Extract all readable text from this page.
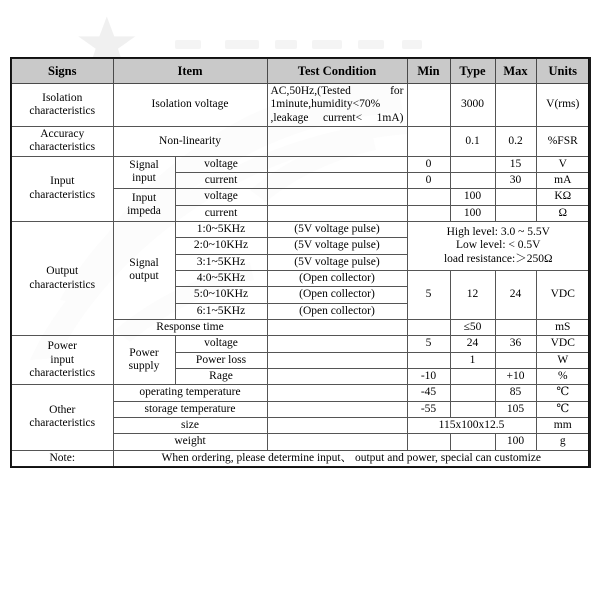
Signs	Item		Test Condition	Min	Type	Max	Units
Isolation
characteristics	Isolation voltage		AC,50Hz,(Tested for
1minute,humidity<70%
,leakage current< 1mA)		3000		V(rms)
Accuracy
characteristics	Non-linearity				0.1	0.2	%FSR
Input
characteristics	Signal
input	voltage		0		15	V
		current		0		30	mA
	Input
impeda	voltage			100		KΩ
		current			100		Ω
Output
characteristics	Signal
output	1:0~5KHz	(5V voltage pulse)	High level: 3.0 ~ 5.5V
Low level: < 0.5V
load resistance:＞250Ω			
		2:0~10KHz	(5V voltage pulse)				
		3:1~5KHz	(5V voltage pulse)				
		4:0~5KHz	(Open collector)	5	12	24	VDC
		5:0~10KHz	(Open collector)				
		6:1~5KHz	(Open collector)				
	Response time				≤50		mS
Power
input
characteristics	Power
supply	voltage		5	24	36	VDC
		Power loss			1		W
		Rage		-10		+10	%
Other
characteristics	operating temperature			-45		85	℃
	storage temperature			-55		105	℃
	size			115x100x12.5			mm
	weight					100	g
Note:	When ordering, please determine input、 output and power, special can customize						
